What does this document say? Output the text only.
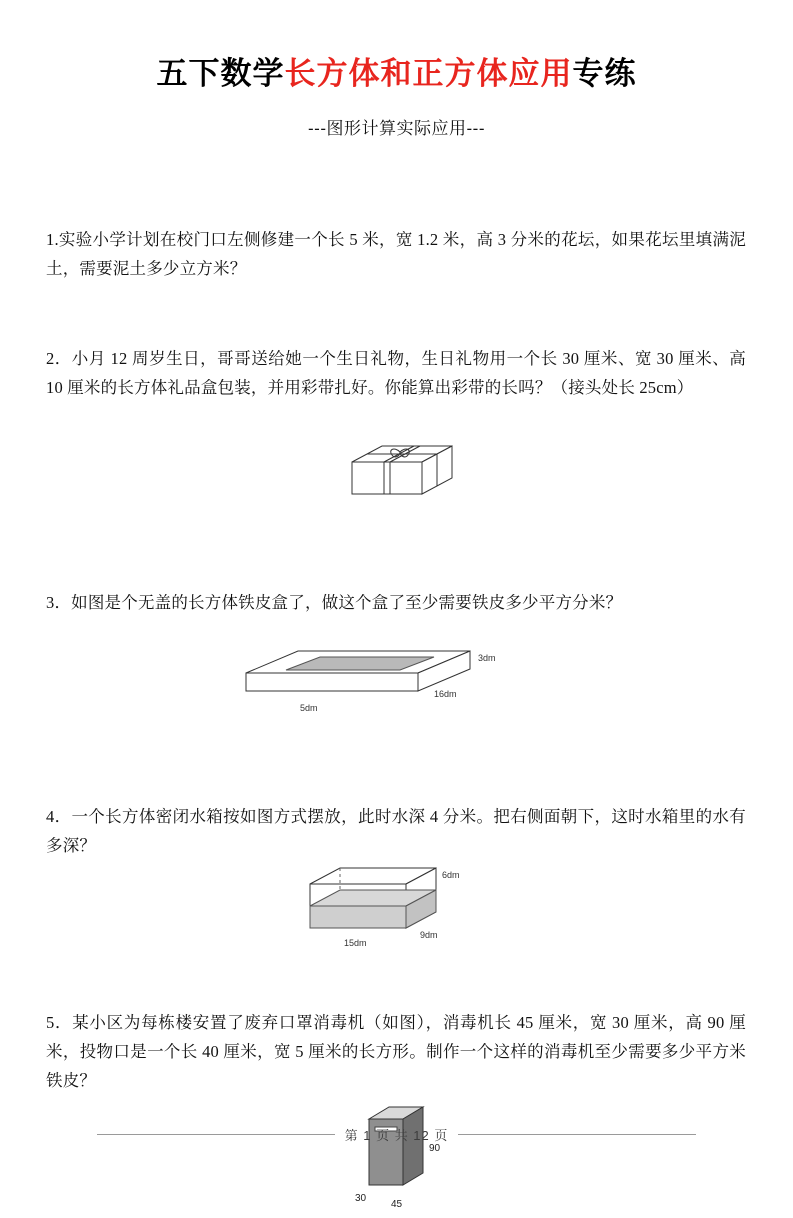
五下数学长方体和正方体应用专练
---图形计算实际应用---
1.实验小学计划在校门口左侧修建一个长 5 米，宽 1.2 米，高 3 分米的花坛，如果花坛里填满泥土，需要泥土多少立方米？
2．小月 12 周岁生日，哥哥送给她一个生日礼物，生日礼物用一个长 30 厘米、宽 30 厘米、高 10 厘米的长方体礼品盒包装，并用彩带扎好。你能算出彩带的长吗？（接头处长 25cm）
3．如图是个无盖的长方体铁皮盒了，做这个盒了至少需要铁皮多少平方分米？
3dm
16dm
5dm
4．一个长方体密闭水箱按如图方式摆放，此时水深 4 分米。把右侧面朝下，这时水箱里的水有多深？
6dm
9dm
15dm
5．某小区为每栋楼安置了废弃口罩消毒机（如图），消毒机长 45 厘米，宽 30 厘米，高 90 厘米，投物口是一个长 40 厘米，宽 5 厘米的长方形。制作一个这样的消毒机至少需要多少平方米铁皮？
90
30
45
第 1 页 共 12 页
